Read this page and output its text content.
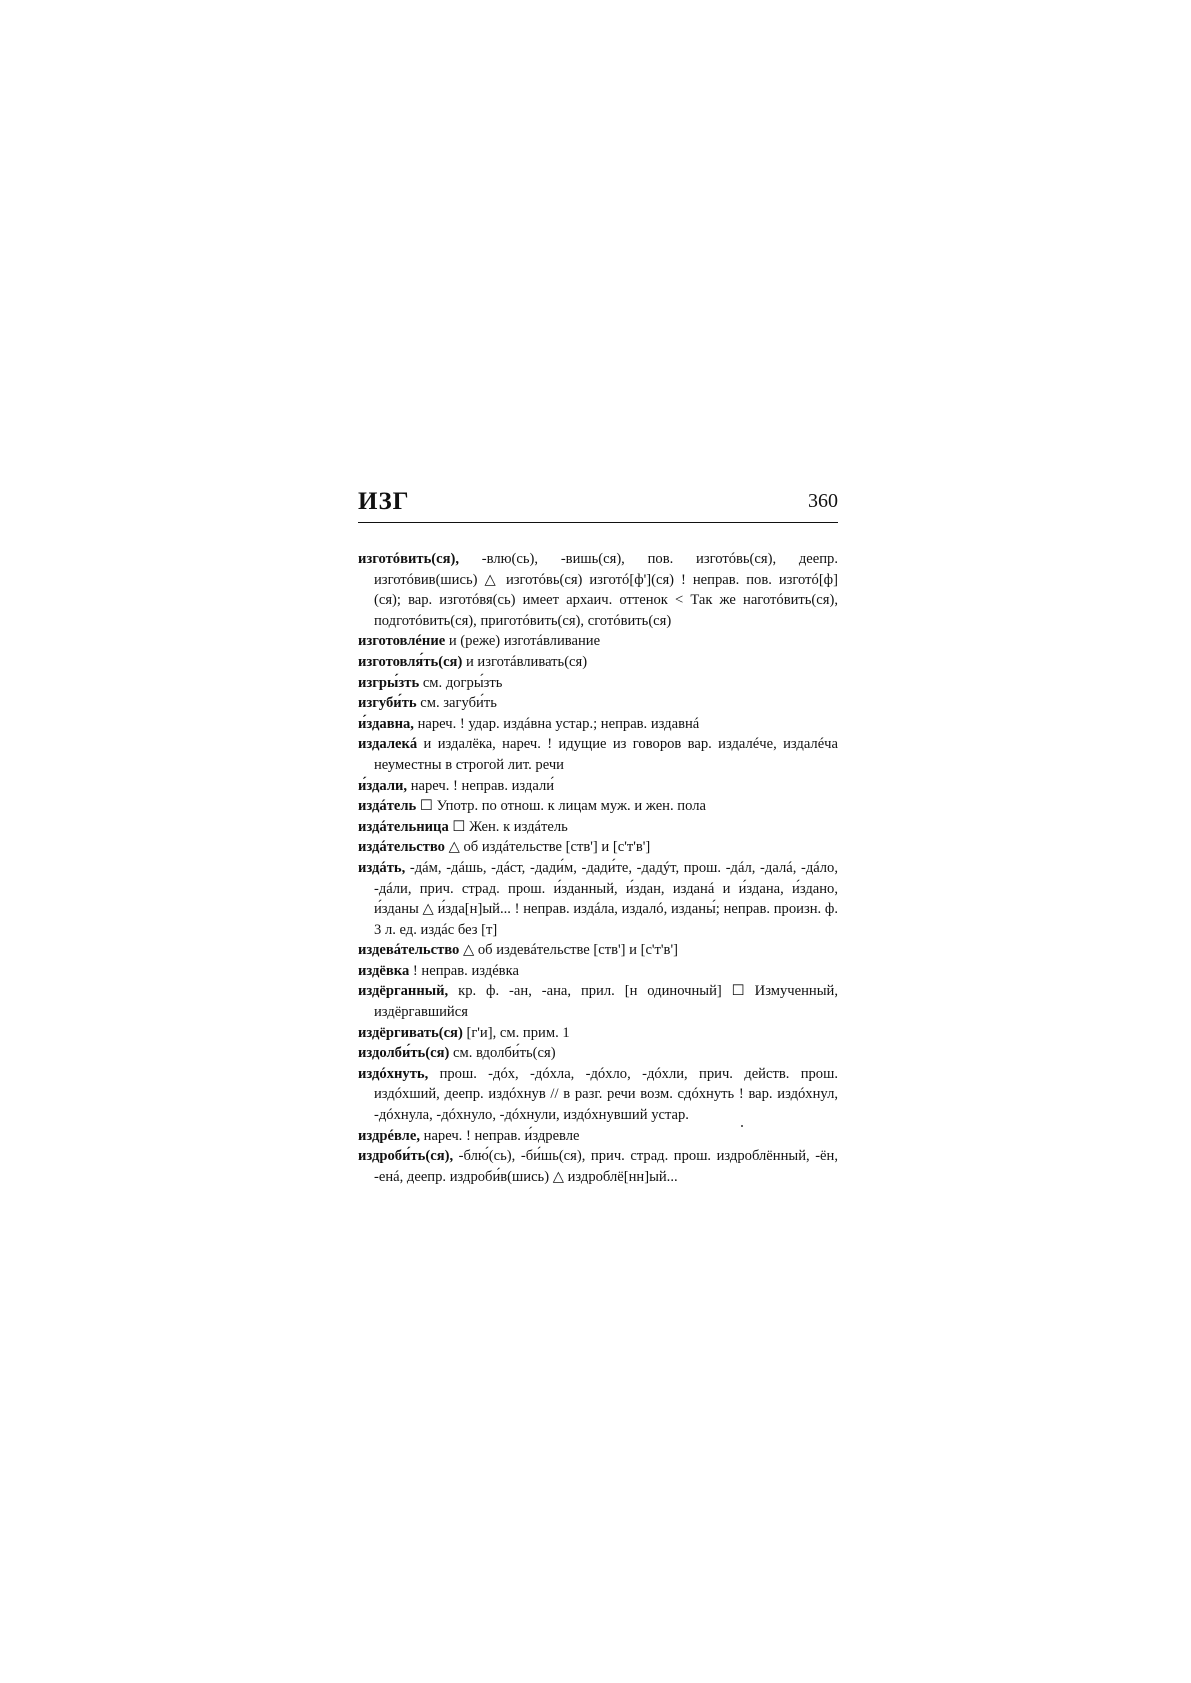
ИЗГ	360

изготóвить(ся), -влю(сь), -вишь(ся), пов. изготóвь(ся), деепр. изготóвив(шись) △ изготóвь(ся) изготó[ф'](ся) ! неправ. пов. изготó[ф](ся); вар. изготóвя(сь) имеет архаич. оттенок < Так же наготóвить(ся), подготóвить(ся), приготóвить(ся), сготóвить(ся)

изготовлéние и (реже) изготáвливание

изготовля́ть(ся) и изготáвливать(ся)

изгры́зть см. догры́зть

изгуби́ть см. загуби́ть

и́здавна, нареч. ! удар. издáвна устар.; неправ. издавнá

издалекá и издалёка, нареч. ! идущие из говоров вар. издалéче, издалéча неуместны в строгой лит. речи

и́здали, нареч. ! неправ. издали́

издáтель ☐ Употр. по отнош. к лицам муж. и жен. пола

издáтельница ☐ Жен. к издáтель

издáтельство △ об издáтельстве [ств'] и [с'т'в']

издáть, -дáм, -дáшь, -дáст, -дади́м, -дади́те, -дадýт, прош. -дáл, -далá, -дáло, -дáли, прич. страд. прош. и́зданный, и́здан, изданá и и́здана, и́здано, и́зданы △ и́зда[н]ый... ! неправ. издáла, издалó, изданы́; неправ. произн. ф. 3 л. ед. издáс без [т]

издевáтельство △ об издевáтельстве [ств'] и [с'т'в']

издёвка ! неправ. издéвка

издёрганный, кр. ф. -ан, -ана, прил. [н одиночный] ☐ Измученный, издёргавшийся

издёргивать(ся) [г'и], см. прим. 1

издолби́ть(ся) см. вдолби́ть(ся)

издóхнуть, прош. -дóх, -дóхла, -дóхло, -дóхли, прич. действ. прош. издóхший, деепр. издóхнув // в разг. речи возм. сдóхнуть ! вар. издóхнул, -дóхнула, -дóхнуло, -дóхнули, издóхнувший устар.

издрéвле, нареч. ! неправ. и́здревле

издроби́ть(ся), -блю́(сь), -би́шь(ся), прич. страд. прош. издроблённый, -ён, -енá, деепр. издроби́в(шись) △ издроблё[нн]ый...
